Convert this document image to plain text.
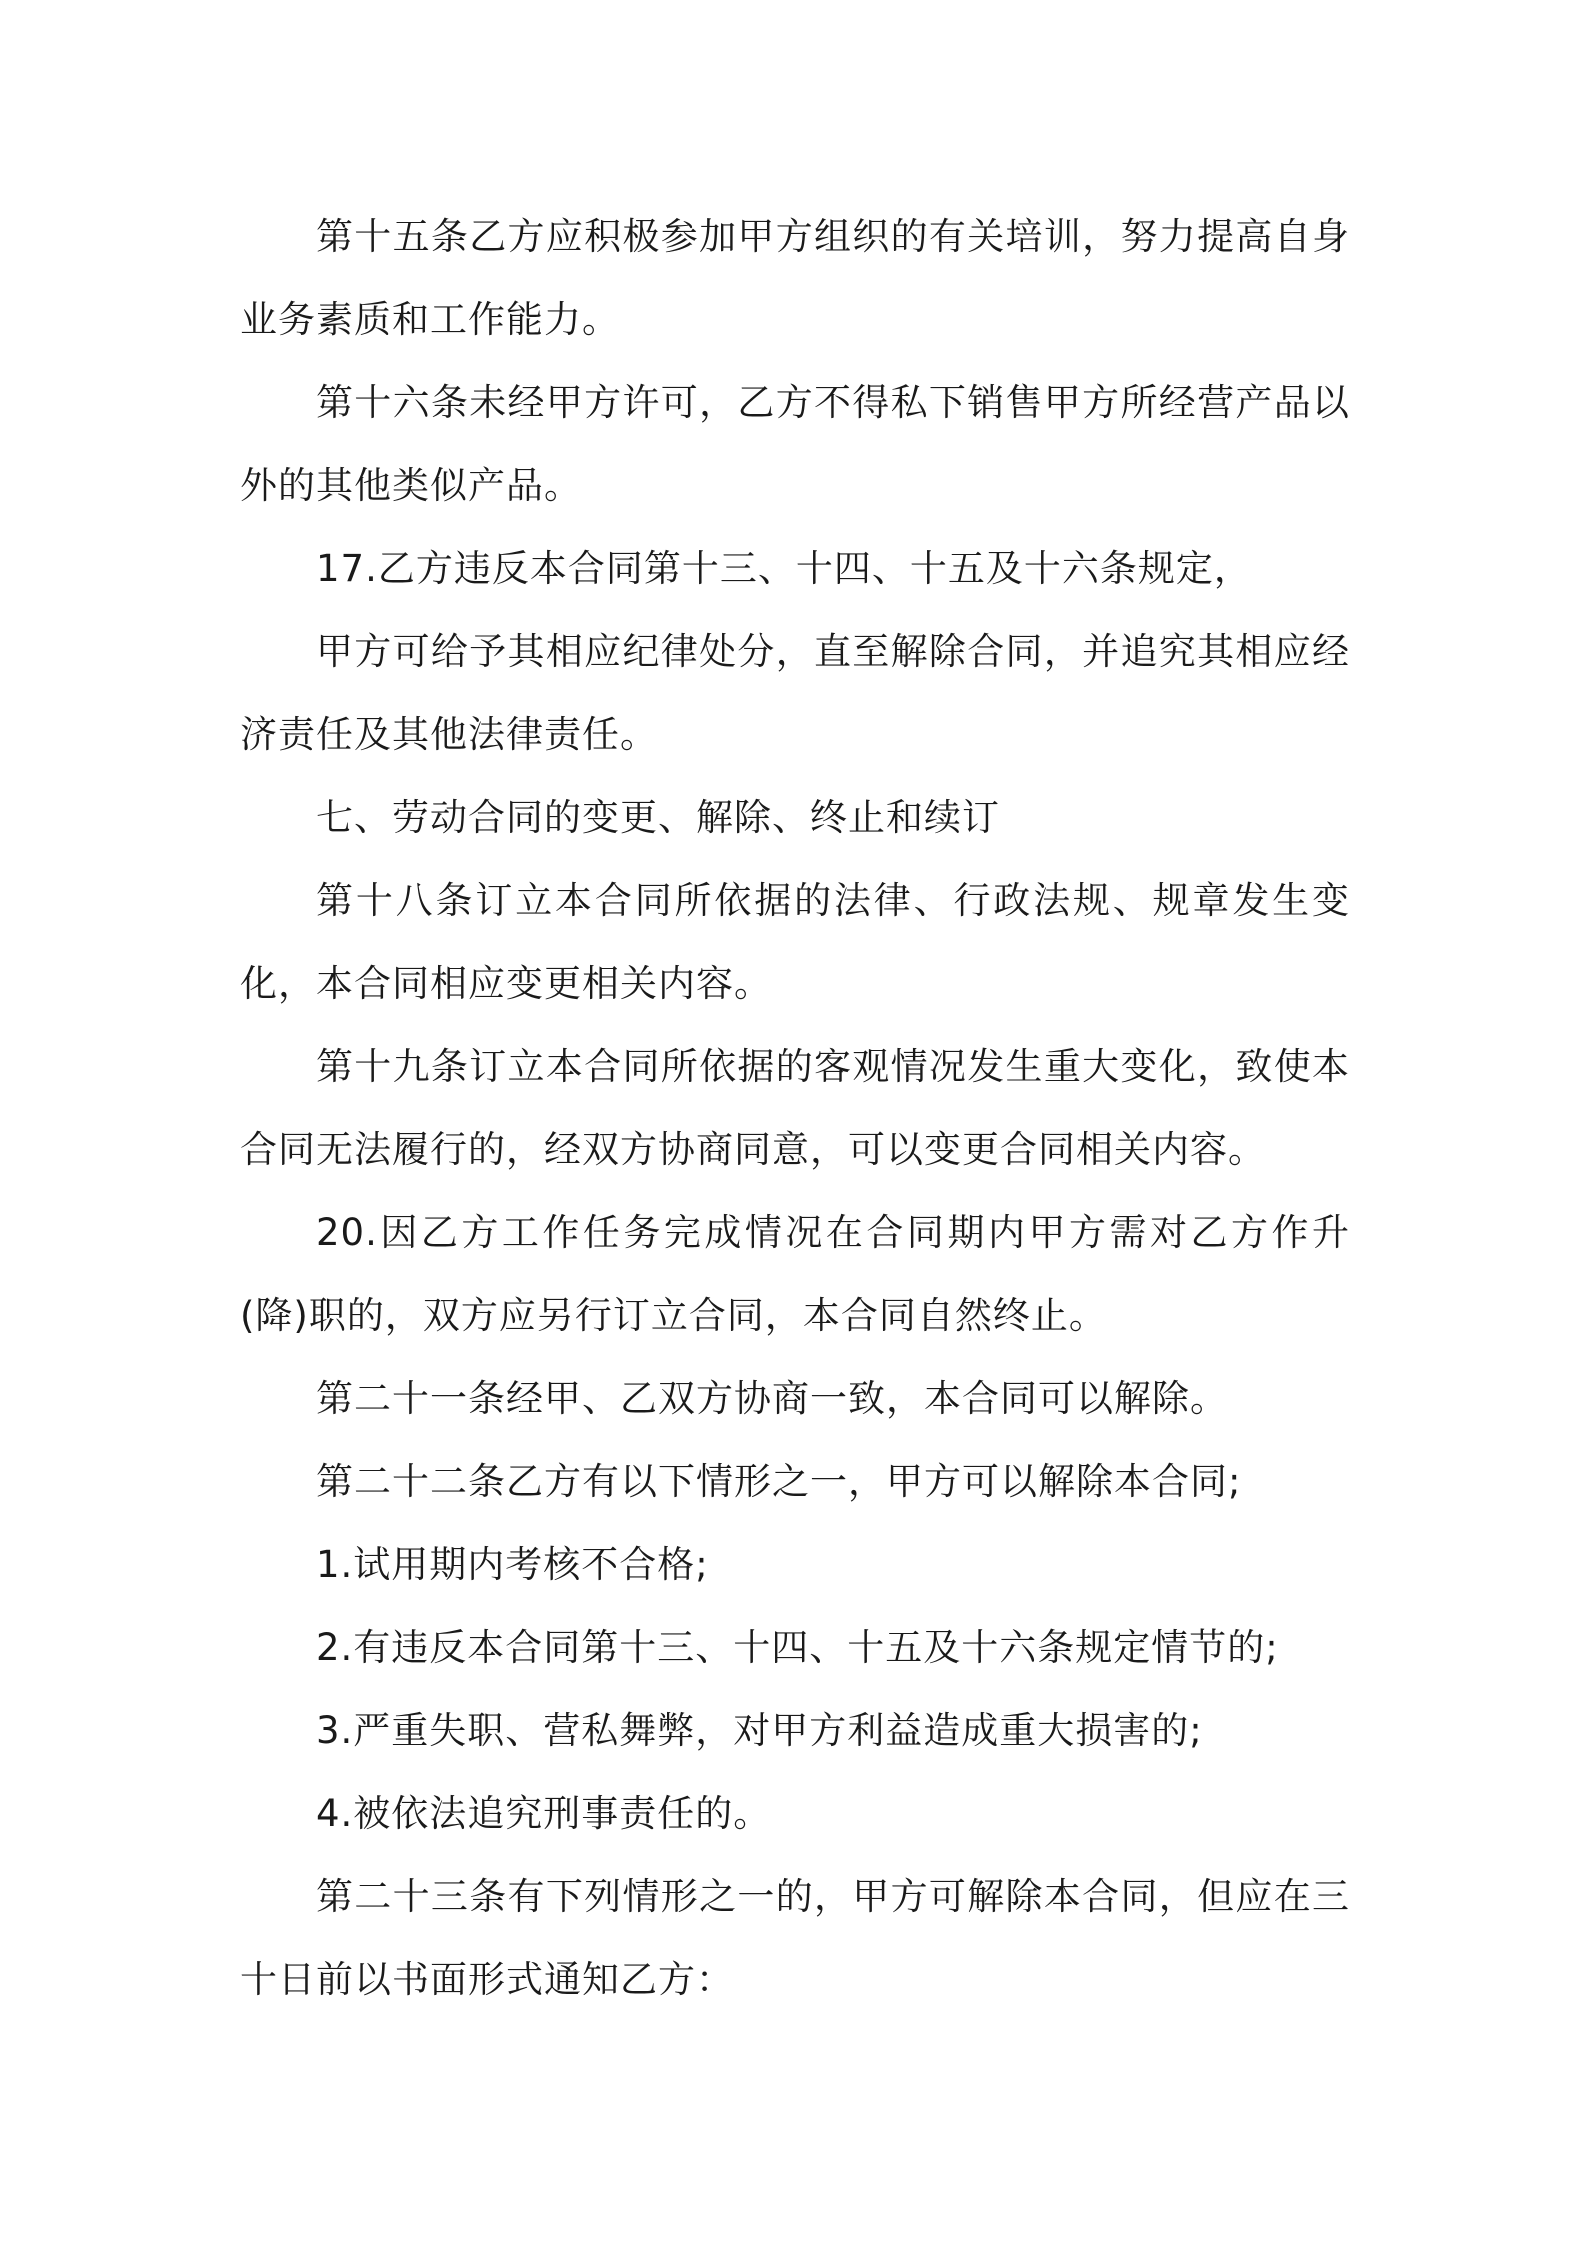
第十五条乙方应积极参加甲方组织的有关培训，努力提高自身业务素质和工作能力。

第十六条未经甲方许可，乙方不得私下销售甲方所经营产品以外的其他类似产品。

17.乙方违反本合同第十三、十四、十五及十六条规定，

甲方可给予其相应纪律处分，直至解除合同，并追究其相应经济责任及其他法律责任。

七、劳动合同的变更、解除、终止和续订

第十八条订立本合同所依据的法律、行政法规、规章发生变化，本合同相应变更相关内容。

第十九条订立本合同所依据的客观情况发生重大变化，致使本合同无法履行的，经双方协商同意，可以变更合同相关内容。

20.因乙方工作任务完成情况在合同期内甲方需对乙方作升(降)职的，双方应另行订立合同，本合同自然终止。

第二十一条经甲、乙双方协商一致，本合同可以解除。

第二十二条乙方有以下情形之一，甲方可以解除本合同;

1.试用期内考核不合格;

2.有违反本合同第十三、十四、十五及十六条规定情节的;

3.严重失职、营私舞弊，对甲方利益造成重大损害的;

4.被依法追究刑事责任的。

第二十三条有下列情形之一的，甲方可解除本合同，但应在三十日前以书面形式通知乙方：
